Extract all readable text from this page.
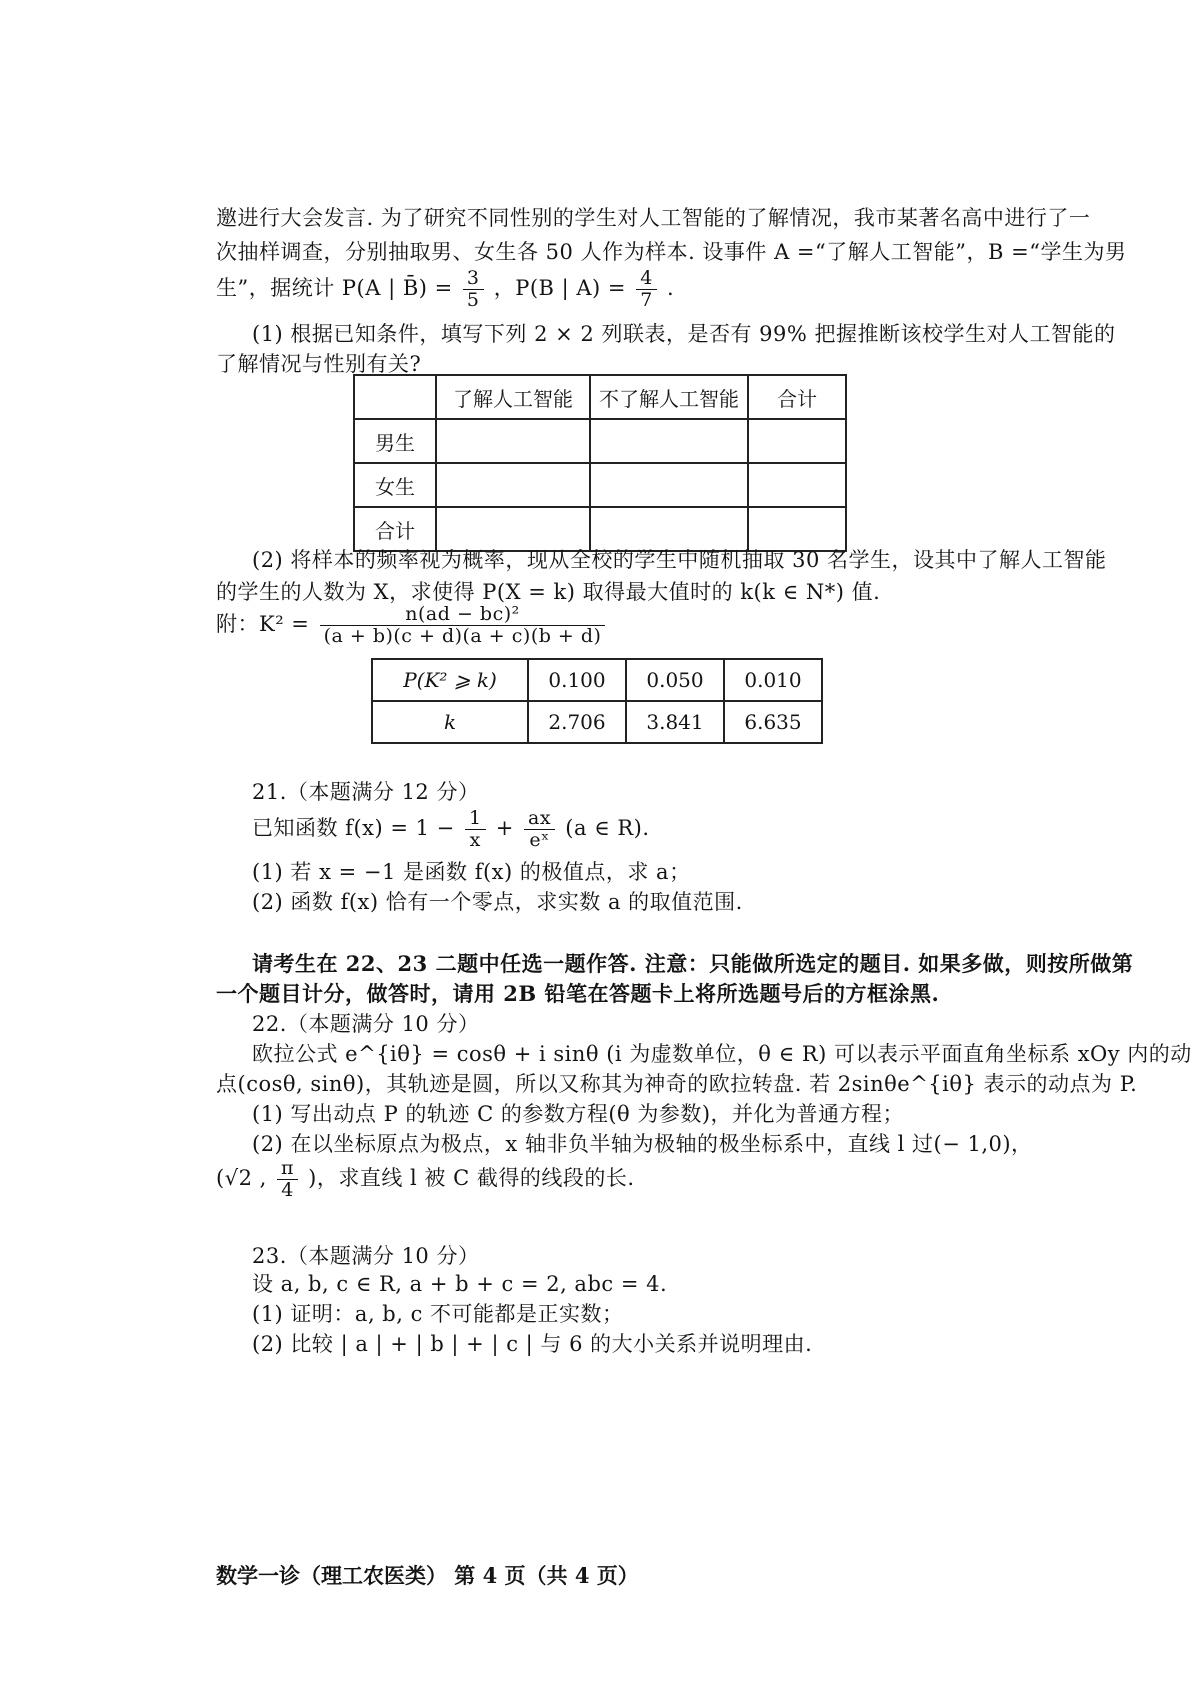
邀进行大会发言. 为了研究不同性别的学生对人工智能的了解情况，我市某著名高中进行了一
次抽样调查，分别抽取男、女生各 50 人作为样本. 设事件 A =“了解人工智能”，B =“学生为男
生”，据统计 P(A | B̄) = $\frac{3}{5}$ ，P(B | $A) = \frac{4}{7}$ .
(1) 根据已知条件，填写下列 2 × 2 列联表，是否有 99% 把握推断该校学生对人工智能的
了解情况与性别有关?
	了解人工智能	不了解人工智能	合计
男生			
女生			
合计			
(2) 将样本的频率视为概率，现从全校的学生中随机抽取 30 名学生，设其中了解人工智能
的学生的人数为 X，求使得 P(X = k) 取得最大值时的 k(k ∈ N*) 值.
附：$K^2 = \frac{\text{n(ad − bc)²}}{(a + b)(c + d)(a + c)(b + d)}$
P(K² ⩾ k)	0.100	0.050	0.010
k	2.706	3.841	6.635
21.（本题满分 12 分）
已知函数 $f(x) = 1 - \frac{1}{x} + \frac{ax}{\text{eˣ}} (a$ ∈ R).
(1) 若 x = −1 是函数 f(x) 的极值点，求 a；
(2) 函数 f(x) 恰有一个零点，求实数 a 的取值范围.
请考生在 22、23 二题中任选一题作答. 注意：只能做所选定的题目. 如果多做，则按所做第
一个题目计分，做答时，请用 2B 铅笔在答题卡上将所选题号后的方框涂黑.
22.（本题满分 10 分）
欧拉公式 e^{iθ} = cosθ + i sinθ (i 为虚数单位，θ ∈ R) 可以表示平面直角坐标系 xOy 内的动
点(cosθ, sinθ)，其轨迹是圆，所以又称其为神奇的欧拉转盘. 若 2sinθe^{iθ} 表示的动点为 P.
(1) 写出动点 P 的轨迹 C 的参数方程(θ 为参数)，并化为普通方程；
(2) 在以坐标原点为极点，x 轴非负半轴为极轴的极坐标系中，直线 l 过(− 1,0)，
(√2 , $\frac{\pi}{4}$ )，求直线 l 被 C 截得的线段的长.
23.（本题满分 10 分）
设 a, b, c ∈ R, a + b + c = 2, abc = 4.
(1) 证明：a, b, c 不可能都是正实数；
(2) 比较 | a | + | b | + | c | 与 6 的大小关系并说明理由.
数学一诊（理工农医类） 第 4 页（共 4 页）
